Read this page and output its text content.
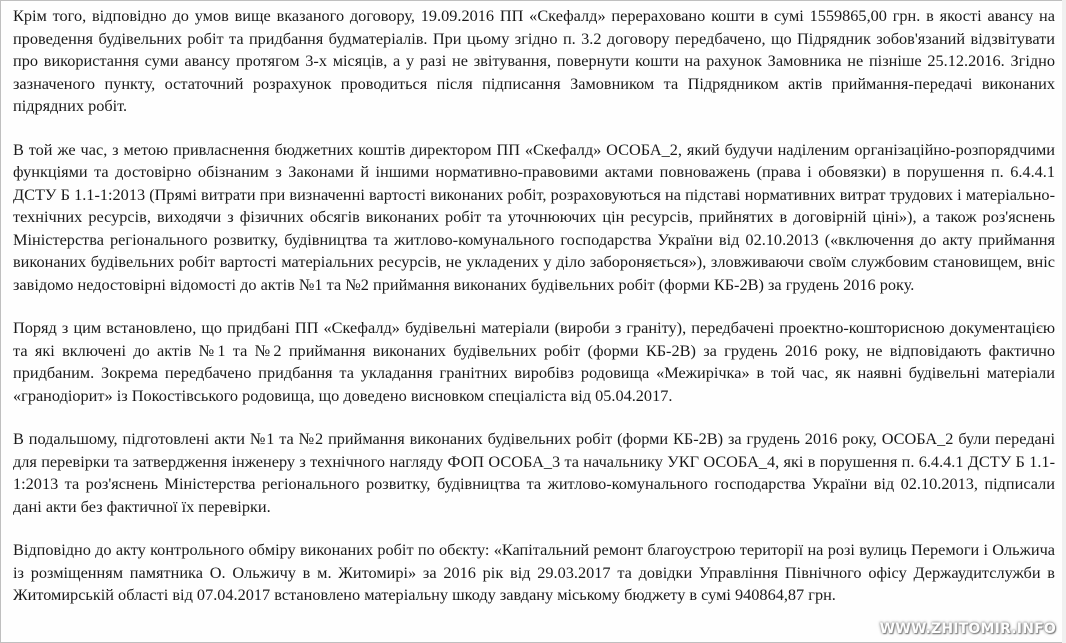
Крім того, відповідно до умов вище вказаного договору, 19.09.2016 ПП «Скефалд» перераховано кошти в сумі 1559865,00 грн. в якості авансу на проведення будівельних робіт та придбання будматеріалів. При цьому згідно п. 3.2 договору передбачено, що Підрядник зобов'язаний відзвітувати про використання суми авансу протягом 3-х місяців, а у разі не звітування, повернути кошти на рахунок Замовника не пізніше 25.12.2016. Згідно зазначеного пункту, остаточний розрахунок проводиться після підписання Замовником та Підрядником актів приймання-передачі виконаних підрядних робіт.

В той же час, з метою привласнення бюджетних коштів директором ПП «Скефалд» ОСОБА_2, який будучи наділеним організаційно-розпорядчими функціями та достовірно обізнаним з Законами й іншими нормативно-правовими актами повноважень (права і обовязки) в порушення п. 6.4.4.1 ДСТУ Б 1.1-1:2013 (Прямі витрати при визначенні вартості виконаних робіт, розраховуються на підставі нормативних витрат трудових і матеріально-технічних ресурсів, виходячи з фізичних обсягів виконаних робіт та уточнюючих цін ресурсів, прийнятих в договірній ціні»), а також роз'яснень Міністерства регіонального розвитку, будівництва та житлово-комунального господарства України від 02.10.2013 («включення до акту приймання виконаних будівельних робіт вартості матеріальних ресурсів, не укладених у діло забороняється»), зловживаючи своїм службовим становищем, вніс завідомо недостовірні відомості до актів №1 та №2 приймання виконаних будівельних робіт (форми КБ-2В) за грудень 2016 року.

Поряд з цим встановлено, що придбані ПП «Скефалд» будівельні матеріали (вироби з граніту), передбачені проектно-кошторисною документацією та які включені до актів №1 та №2 приймання виконаних будівельних робіт (форми КБ-2В) за грудень 2016 року, не відповідають фактично придбаним. Зокрема передбачено придбання та укладання гранітних виробівз родовища «Межирічка» в той час, як наявні будівельні матеріали «гранодіорит» із Покостівського родовища, що доведено висновком спеціаліста від 05.04.2017.

В подальшому, підготовлені акти №1 та №2 приймання виконаних будівельних робіт (форми КБ-2В) за грудень 2016 року, ОСОБА_2 були передані для перевірки та затвердження інженеру з технічного нагляду ФОП ОСОБА_3 та начальнику УКГ ОСОБА_4, які в порушення п. 6.4.4.1 ДСТУ Б 1.1-1:2013 та роз'яснень Міністерства регіонального розвитку, будівництва та житлово-комунального господарства України від 02.10.2013, підписали дані акти без фактичної їх перевірки.

Відповідно до акту контрольного обміру виконаних робіт по обєкту: «Капітальний ремонт благоустрою території на розі вулиць Перемоги і Ольжича із розміщенням памятника О. Ольжичу в м. Житомирі» за 2016 рік від 29.03.2017 та довідки Управління Північного офісу Держаудитслужби в Житомирській області від 07.04.2017 встановлено матеріальну шкоду завдану міському бюджету в сумі 940864,87 грн.

WWW.ZHITOMIR.INFO
